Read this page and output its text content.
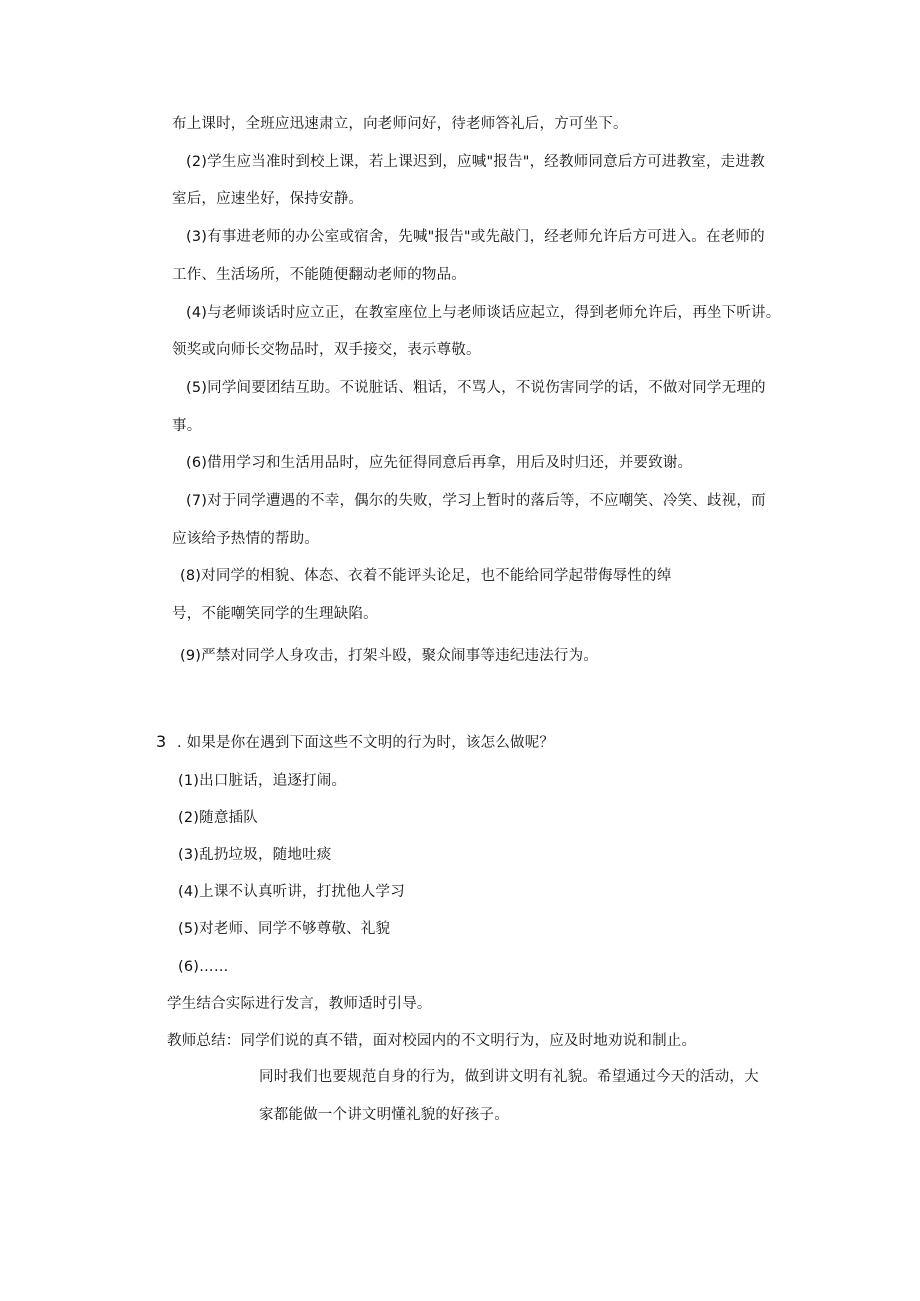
布上课时，全班应迅速肃立，向老师问好，待老师答礼后，方可坐下。
(2)学生应当准时到校上课，若上课迟到，应喊"报告"，经教师同意后方可进教室，走进教
室后，应速坐好，保持安静。
(3)有事进老师的办公室或宿舍，先喊"报告"或先敲门，经老师允许后方可进入。在老师的
工作、生活场所，不能随便翻动老师的物品。
(4)与老师谈话时应立正，在教室座位上与老师谈话应起立，得到老师允许后，再坐下听讲。
领奖或向师长交物品时，双手接交，表示尊敬。
(5)同学间要团结互助。不说脏话、粗话，不骂人，不说伤害同学的话，不做对同学无理的
事。
(6)借用学习和生活用品时，应先征得同意后再拿，用后及时归还，并要致谢。
(7)对于同学遭遇的不幸，偶尔的失败，学习上暂时的落后等，不应嘲笑、冷笑、歧视，而
应该给予热情的帮助。
(8)对同学的相貌、体态、衣着不能评头论足，也不能给同学起带侮辱性的绰
号，不能嘲笑同学的生理缺陷。
(9)严禁对同学人身攻击，打架斗殴，聚众闹事等违纪违法行为。
3 . 如果是你在遇到下面这些不文明的行为时，该怎么做呢？
(1)出口脏话，追逐打闹。
(2)随意插队
(3)乱扔垃圾，随地吐痰
(4)上课不认真听讲，打扰他人学习
(5)对老师、同学不够尊敬、礼貌
(6)……
学生结合实际进行发言，教师适时引导。
教师总结：同学们说的真不错，面对校园内的不文明行为，应及时地劝说和制止。
同时我们也要规范自身的行为，做到讲文明有礼貌。希望通过今天的活动，大
家都能做一个讲文明懂礼貌的好孩子。
